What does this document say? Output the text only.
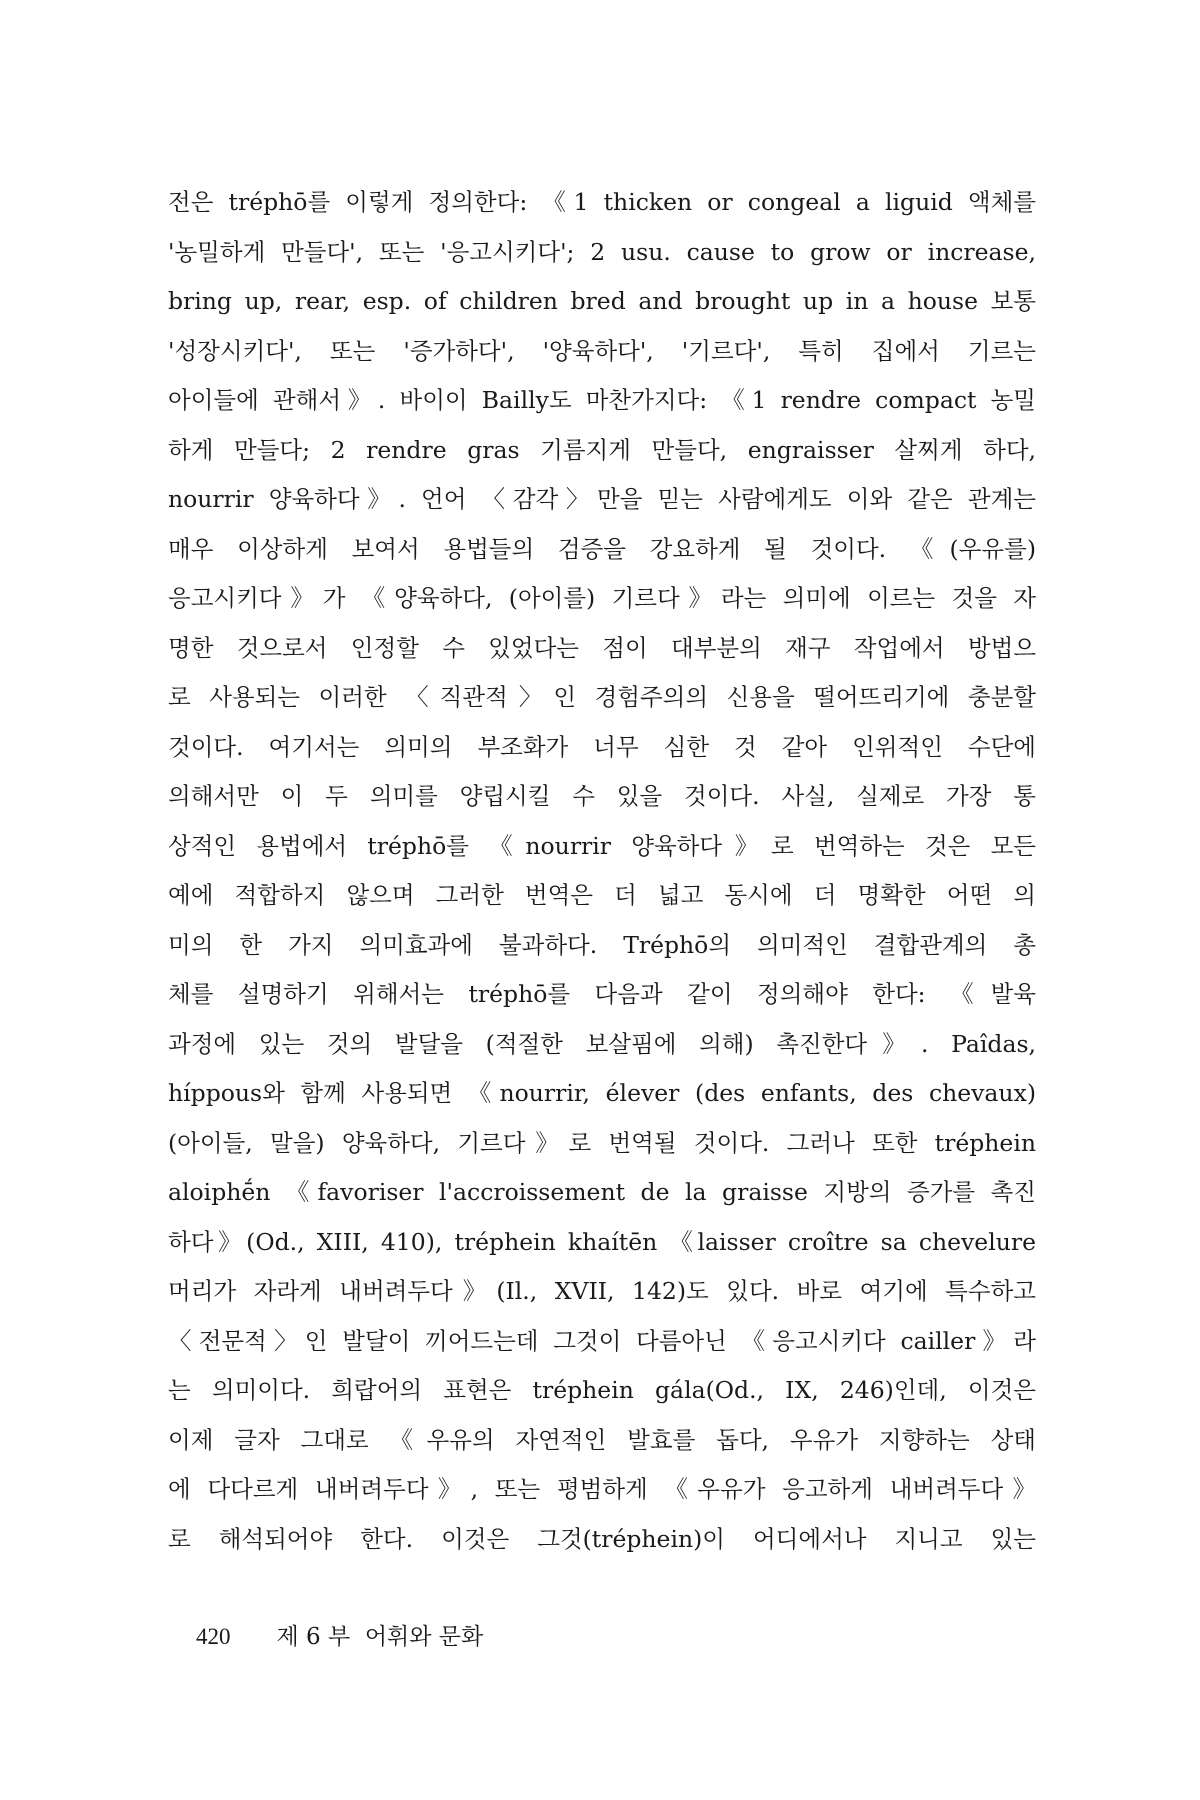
전은 tréphō를 이렇게 정의한다: 《1 thicken or congeal a liguid 액체를
'농밀하게 만들다', 또는 '응고시키다'; 2 usu. cause to grow or increase,
bring up, rear, esp. of children bred and brought up in a house 보통
'성장시키다', 또는 '증가하다', '양육하다', '기르다', 특히 집에서 기르는
아이들에 관해서》. 바이이 Bailly도 마찬가지다: 《1 rendre compact 농밀
하게 만들다; 2 rendre gras 기름지게 만들다, engraisser 살찌게 하다,
nourrir 양육하다》. 언어 〈감각〉만을 믿는 사람에게도 이와 같은 관계는
매우 이상하게 보여서 용법들의 검증을 강요하게 될 것이다. 《(우유를)
응고시키다》가 《양육하다, (아이를) 기르다》라는 의미에 이르는 것을 자
명한 것으로서 인정할 수 있었다는 점이 대부분의 재구 작업에서 방법으
로 사용되는 이러한 〈직관적〉인 경험주의의 신용을 떨어뜨리기에 충분할
것이다. 여기서는 의미의 부조화가 너무 심한 것 같아 인위적인 수단에
의해서만 이 두 의미를 양립시킬 수 있을 것이다. 사실, 실제로 가장 통
상적인 용법에서 tréphō를 《nourrir 양육하다》로 번역하는 것은 모든
예에 적합하지 않으며 그러한 번역은 더 넓고 동시에 더 명확한 어떤 의
미의 한 가지 의미효과에 불과하다. Tréphō의 의미적인 결합관계의 총
체를 설명하기 위해서는 tréphō를 다음과 같이 정의해야 한다: 《발육
과정에 있는 것의 발달을 (적절한 보살핌에 의해) 촉진한다》. Paîdas,
híppous와 함께 사용되면 《nourrir, élever (des enfants, des chevaux)
(아이들, 말을) 양육하다, 기르다》로 번역될 것이다. 그러나 또한 tréphein
aloiphḗn 《favoriser l'accroissement de la graisse 지방의 증가를 촉진
하다》(Od., XIII, 410), tréphein khaítēn 《laisser croître sa chevelure
머리가 자라게 내버려두다》(Il., XVII, 142)도 있다. 바로 여기에 특수하고
〈전문적〉인 발달이 끼어드는데 그것이 다름아닌 《응고시키다 cailler》라
는 의미이다. 희랍어의 표현은 tréphein gála(Od., IX, 246)인데, 이것은
이제 글자 그대로 《우유의 자연적인 발효를 돕다, 우유가 지향하는 상태
에 다다르게 내버려두다》, 또는 평범하게 《우유가 응고하게 내버려두다》
로 해석되어야 한다. 이것은 그것(tréphein)이 어디에서나 지니고 있는
420 제 6 부 어휘와 문화
